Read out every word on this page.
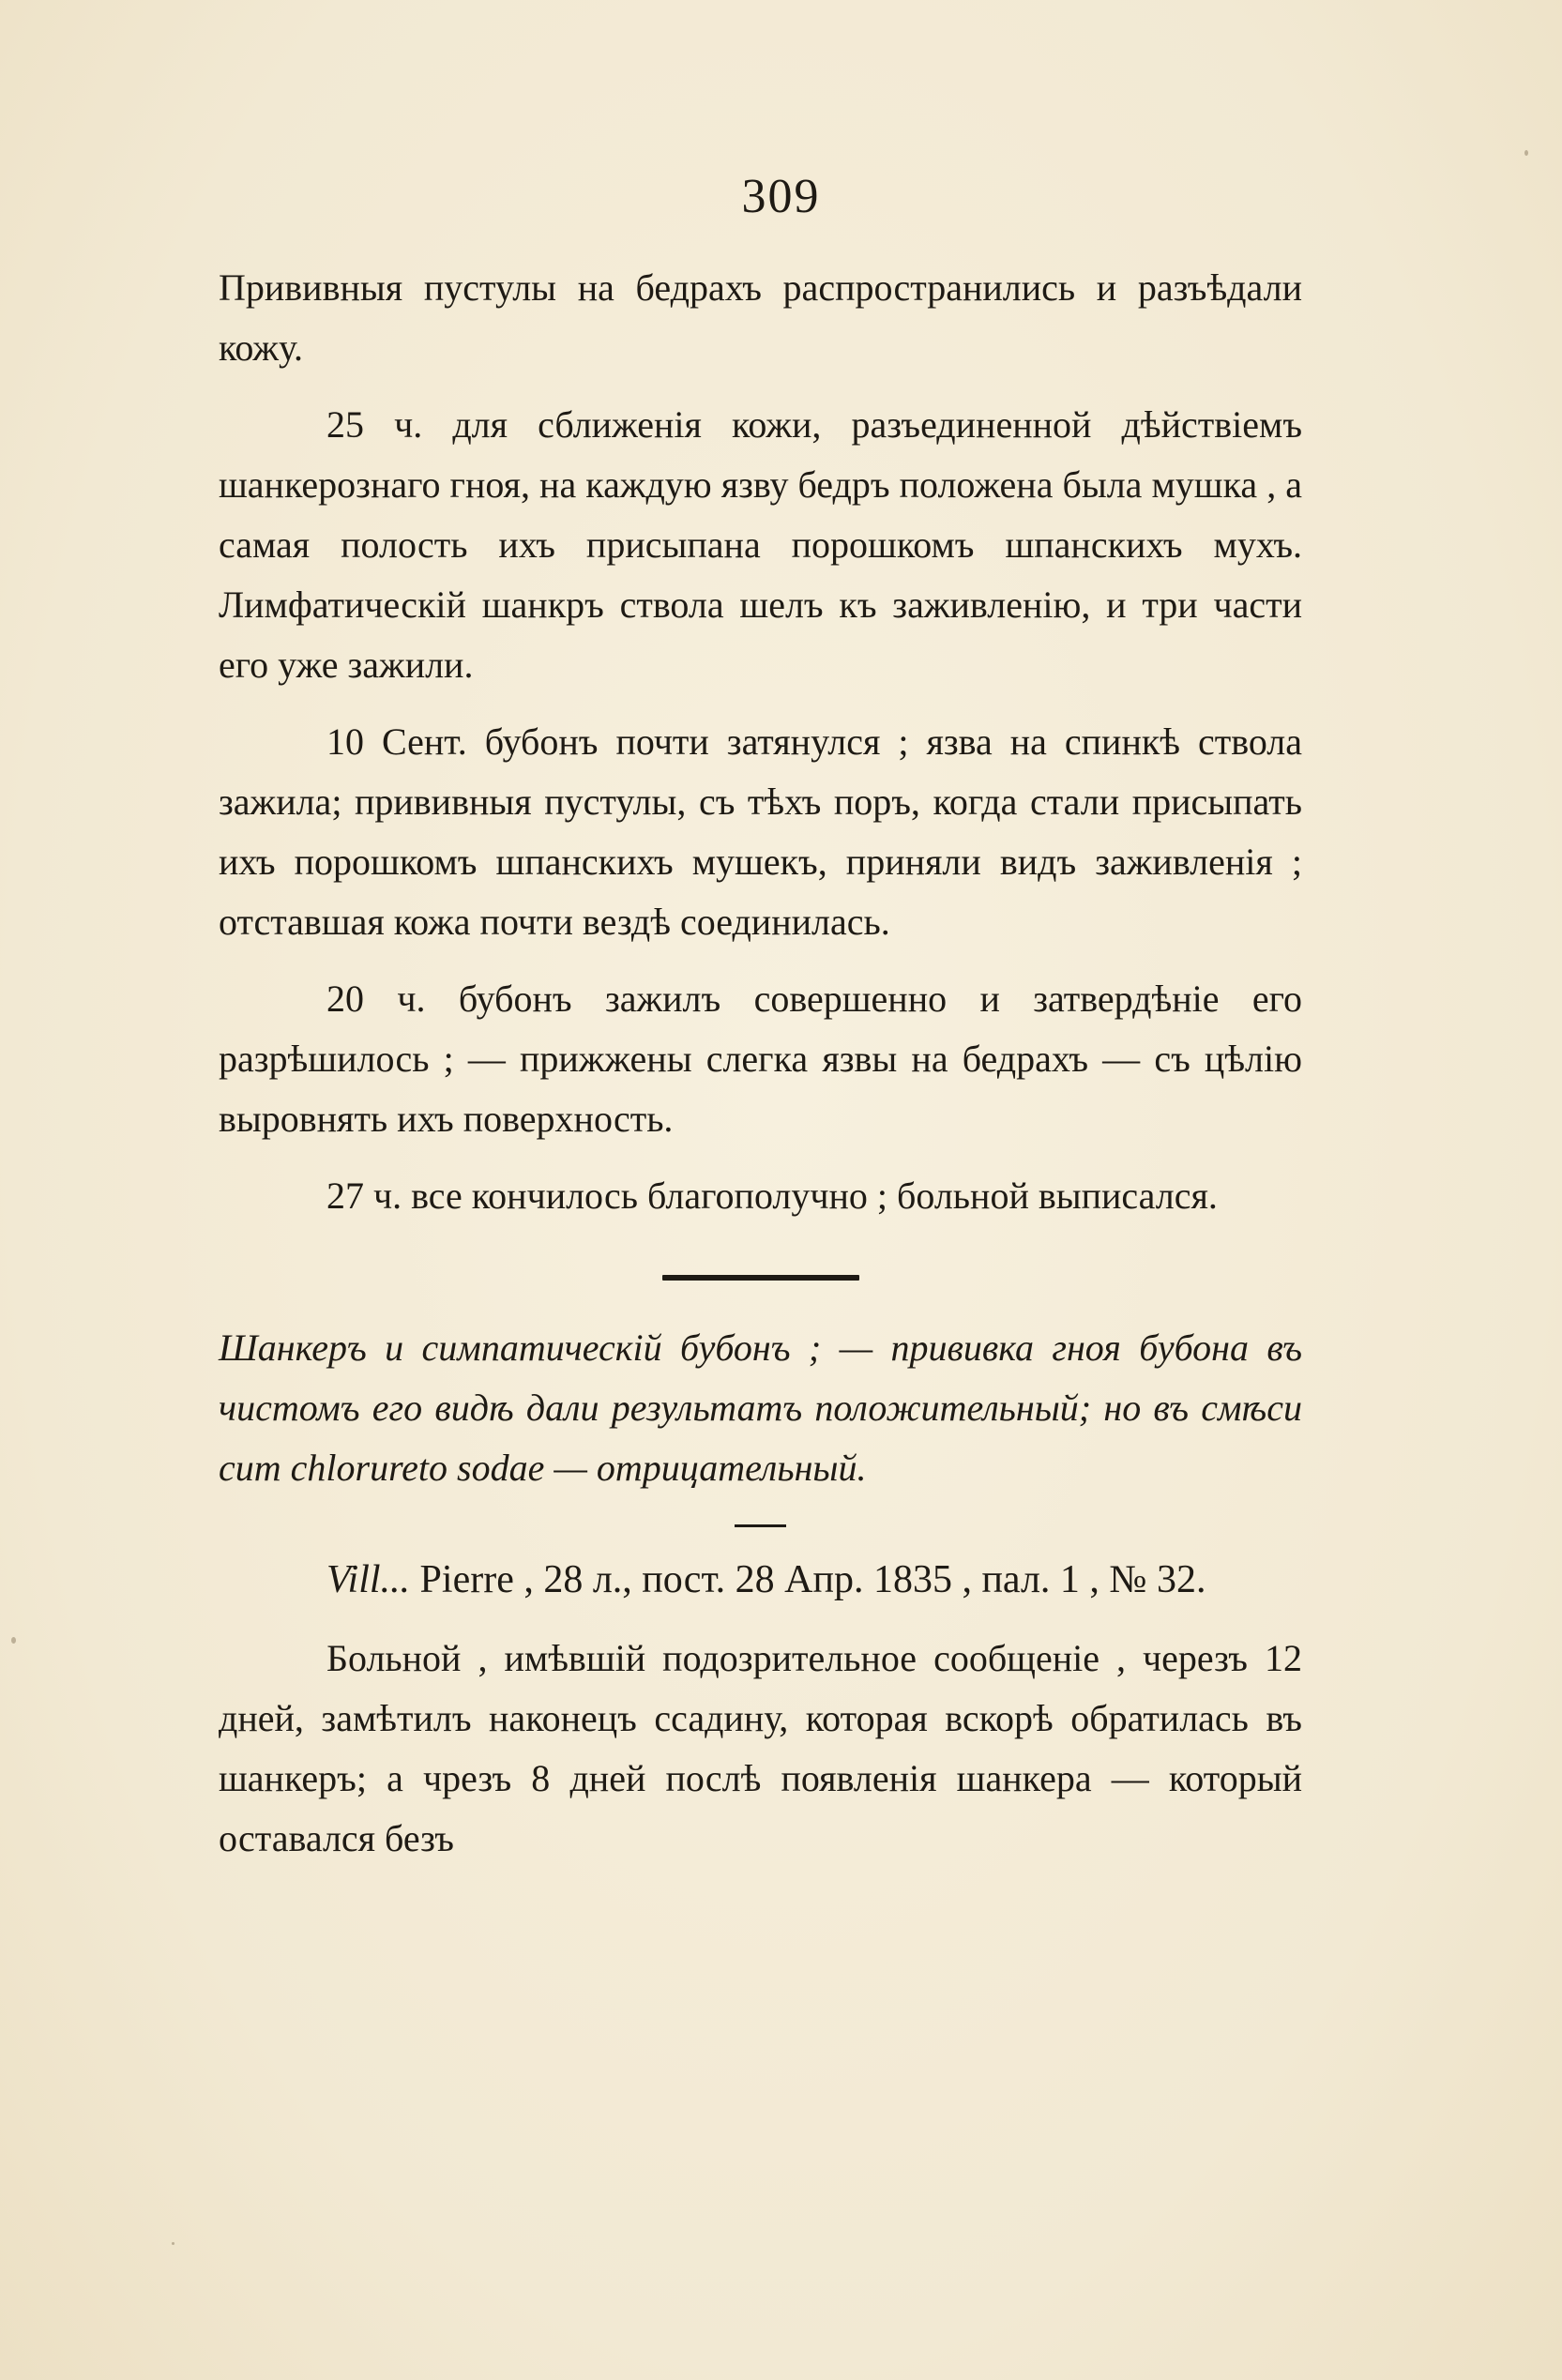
309

Прививныя пустулы на бедрахъ распространились и разъѣдали кожу.

25 ч. для сближенія кожи, разъединенной дѣйствіемъ шанкерознаго гноя, на каждую язву бедръ положена была мушка , а самая полость ихъ присыпана порошкомъ шпанскихъ мухъ. Лимфатическій шанкръ ствола шелъ къ заживленію, и три части его уже зажили.

10 Сент. бубонъ почти затянулся ; язва на спинкѣ ствола зажила; прививныя пустулы, съ тѣхъ поръ, когда стали присыпать ихъ порошкомъ шпанскихъ мушекъ, приняли видъ заживленія ; отставшая кожа почти вездѣ соединилась.

20 ч. бубонъ зажилъ совершенно и затвердѣніе его разрѣшилось ; — прижжены слегка язвы на бедрахъ — съ цѣлію выровнять ихъ поверхность.

27 ч. все кончилось благополучно ; больной выписался.

Шанкеръ и симпатическій бубонъ ; — прививка гноя бубона въ чистомъ его видѣ дали результатъ положительный; но въ смѣси cum chlorureto sodae — отрицательный.

Vill... Pierre , 28 л., пост. 28 Апр. 1835 , пал. 1 , № 32.

Больной , имѣвшій подозрительное сообщеніе , черезъ 12 дней, замѣтилъ наконецъ ссадину, которая вскорѣ обратилась въ шанкеръ; а чрезъ 8 дней послѣ появленія шанкера — который оставался безъ
